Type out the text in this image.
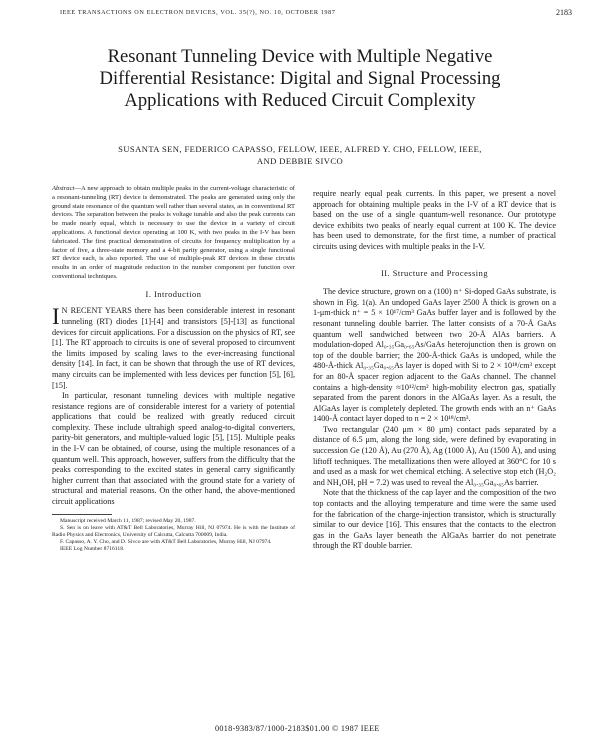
IEEE TRANSACTIONS ON ELECTRON DEVICES, VOL. 35(?), NO. 10, OCTOBER 1987	2183
Resonant Tunneling Device with Multiple Negative
Differential Resistance: Digital and Signal Processing
Applications with Reduced Circuit Complexity
SUSANTA SEN, FEDERICO CAPASSO, FELLOW, IEEE, ALFRED Y. CHO, FELLOW, IEEE,
AND DEBBIE SIVCO
Abstract—A new approach to obtain multiple peaks in the current-voltage characteristic of a resonant-tunneling (RT) device is demonstrated. The peaks are generated using only the ground state resonance of the quantum well rather than several states, as in conventional RT devices. The separation between the peaks is voltage tunable and also the peak currents can be made nearly equal, which is necessary to use the device in a variety of circuit applications. A functional device operating at 100 K, with two peaks in the I-V has been fabricated. The first practical demonstration of circuits for frequency multiplication by a factor of five, a three-state memory and a 4-bit parity generator, using a single functional RT device each, is also reported. The use of multiple-peak RT devices in these circuits results in an order of magnitude reduction in the number component per function over conventional techniques.
I. Introduction

I N RECENT YEARS there has been considerable interest in resonant tunneling (RT) diodes [1]-[4] and transistors [5]-[13] as functional devices for circuit applications. For a discussion on the physics of RT, see [1]. The RT approach to circuits is one of several proposed to circumvent the limits imposed by scaling laws to the ever-increasing functional density [14]. In fact, it can be shown that through the use of RT devices, many circuits can be implemented with less devices per function [5], [6], [15].

In particular, resonant tunneling devices with multiple negative resistance regions are of considerable interest for a variety of potential applications that could be realized with greatly reduced circuit complexity. These include ultrahigh speed analog-to-digital converters, parity-bit generators, and multiple-valued logic [5], [15]. Multiple peaks in the I-V can be obtained, of course, using the multiple resonances of a quantum well. This approach, however, suffers from the difficulty that the peaks corresponding to the excited states in general carry significantly higher current than that associated with the ground state for a variety of structural and material reasons. On the other hand, the above-mentioned circuit applications

Manuscript received March 11, 1987; revised May 20, 1987.

S. Sen is on leave with AT&T Bell Laboratories, Murray Hill, NJ 07974. He is with the Institute of Radio Physics and Electronics, University of Calcutta, Calcutta 700009, India.

F. Capasso, A. Y. Cho, and D. Sivco are with AT&T Bell Laboratories, Murray Hill, NJ 07974.

IEEE Log Number 8716118.

require nearly equal peak currents. In this paper, we present a novel approach for obtaining multiple peaks in the I-V of a RT device that is based on the use of a single quantum-well resonance. Our prototype device exhibits two peaks of nearly equal current at 100 K. The device has been used to demonstrate, for the first time, a number of practical circuits using devices with multiple peaks in the I-V.

II. Structure and Processing

The device structure, grown on a (100) n⁺ Si-doped GaAs substrate, is shown in Fig. 1(a). An undoped GaAs layer 2500 Å thick is grown on a 1-μm-thick n⁺ = 5 × 10¹⁷/cm³ GaAs buffer layer and is followed by the resonant tunneling double barrier. The latter consists of a 70-Å GaAs quantum well sandwiched between two 20-Å AlAs barriers. A modulation-doped Al₀.₃₅Ga₀.₆₅As/GaAs heterojunction then is grown on top of the double barrier; the 200-Å-thick GaAs is undoped, while the 480-Å-thick Al₀.₃₅Ga₀.₆₅As layer is doped with Si to 2 × 10¹⁸/cm³ except for an 80-Å spacer region adjacent to the GaAs channel. The channel contains a high-density ≈10¹²/cm² high-mobility electron gas, spatially separated from the parent donors in the AlGaAs layer. As a result, the AlGaAs layer is completely depleted. The growth ends with an n⁺ GaAs 1400-Å contact layer doped to n = 2 × 10¹⁸/cm³.

Two rectangular (240 μm × 80 μm) contact pads separated by a distance of 6.5 μm, along the long side, were defined by evaporating in succession Ge (120 Å), Au (270 Å), Ag (1000 Å), Au (1500 Å), and using liftoff techniques. The metallizations then were alloyed at 360°C for 10 s and used as a mask for wet chemical etching. A selective stop etch (H₂O₂ and NH₄OH, pH = 7.2) was used to reveal the Al₀.₃₅Ga₀.₆₅As barrier.

Note that the thickness of the cap layer and the composition of the two top contacts and the alloying temperature and time were the same used for the fabrication of the charge-injection transistor, which is structurally similar to our device [16]. This ensures that the contacts to the electron gas in the GaAs layer beneath the AlGaAs barrier do not penetrate through the RT double barrier.

0018-9383/87/1000-2183$01.00 © 1987 IEEE
